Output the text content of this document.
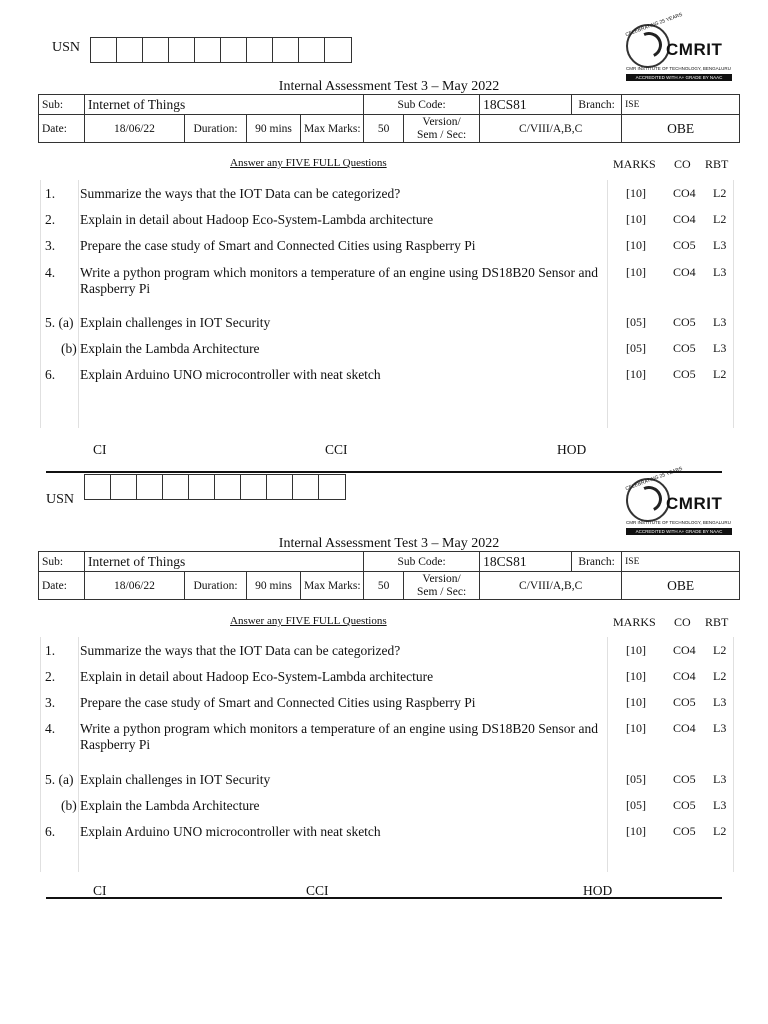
USN
CELEBRATING 25 YEARS
CMRIT
CMR INSTITUTE OF TECHNOLOGY, BENGALURU
ACCREDITED WITH A+ GRADE BY NAAC
Internal Assessment Test 3 – May 2022
Sub:	Internet of Things				Sub Code:		18CS81	Branch:	ISE
Date:	18/06/22	Duration:	90 mins	Max Marks:	50	Version/
Sem / Sec:	C/VIII/A,B,C		OBE
Answer any FIVE FULL Questions	MARKS CO RBT
1. Summarize the ways that the IOT Data can be categorized?	[10] CO4 L2
2. Explain in detail about Hadoop Eco-System-Lambda architecture	[10] CO4 L2
3. Prepare the case study of Smart and Connected Cities using Raspberry Pi	[10] CO5 L3
4. Write a python program which monitors a temperature of an engine using DS18B20 Sensor and Raspberry Pi
[10] CO4 L3
5. (a) Explain challenges in IOT Security	[05] CO5 L3
(b) Explain the Lambda Architecture	[05] CO5 L3
6. Explain Arduino UNO microcontroller with neat sketch	[10] CO5 L2
CI	CCI	HOD
USN
CELEBRATING 25 YEARS
CMRIT
CMR INSTITUTE OF TECHNOLOGY, BENGALURU
ACCREDITED WITH A+ GRADE BY NAAC
Internal Assessment Test 3 – May 2022
Sub:	Internet of Things				Sub Code:		18CS81	Branch:	ISE
Date:	18/06/22	Duration:	90 mins	Max Marks:	50	Version/
Sem / Sec:	C/VIII/A,B,C		OBE
Answer any FIVE FULL Questions	MARKS CO RBT
1. Summarize the ways that the IOT Data can be categorized?	[10] CO4 L2
2. Explain in detail about Hadoop Eco-System-Lambda architecture	[10] CO4 L2
3. Prepare the case study of Smart and Connected Cities using Raspberry Pi	[10] CO5 L3
4. Write a python program which monitors a temperature of an engine using DS18B20 Sensor and Raspberry Pi
[10] CO4 L3
5. (a) Explain challenges in IOT Security	[05] CO5 L3
(b) Explain the Lambda Architecture	[05] CO5 L3
6. Explain Arduino UNO microcontroller with neat sketch	[10] CO5 L2
CI	CCI	HOD
